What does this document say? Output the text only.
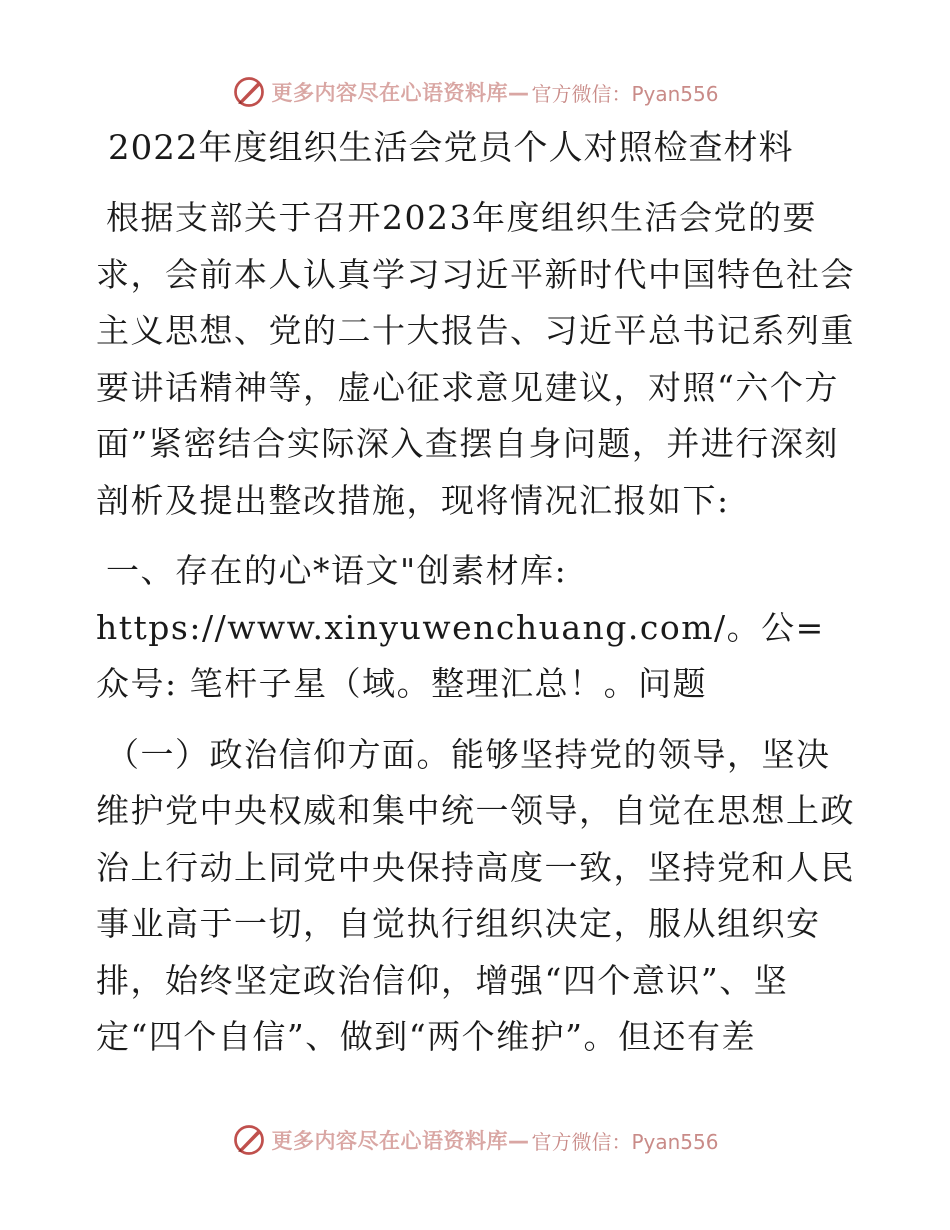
更多内容尽在心语资料库— 官方微信：Pyan556
2022年度组织生活会党员个人对照检查材料

根据支部关于召开2023年度组织生活会党的要求，会前本人认真学习习近平新时代中国特色社会主义思想、党的二十大报告、习近平总书记系列重要讲话精神等，虚心征求意见建议，对照“六个方面”紧密结合实际深入查摆自身问题，并进行深刻剖析及提出整改措施，现将情况汇报如下:

一、存在的心*语文"创素材库: https://www.xinyuwenchuang.com/。公=众号: 笔杆子星（域。整理汇总！。问题

（一）政治信仰方面。能够坚持党的领导，坚决维护党中央权威和集中统一领导，自觉在思想上政治上行动上同党中央保持高度一致，坚持党和人民事业高于一切，自觉执行组织决定，服从组织安排，始终坚定政治信仰，增强“四个意识”、坚定“四个自信”、做到“两个维护”。但还有差

更多内容尽在心语资料库— 官方微信：Pyan556
